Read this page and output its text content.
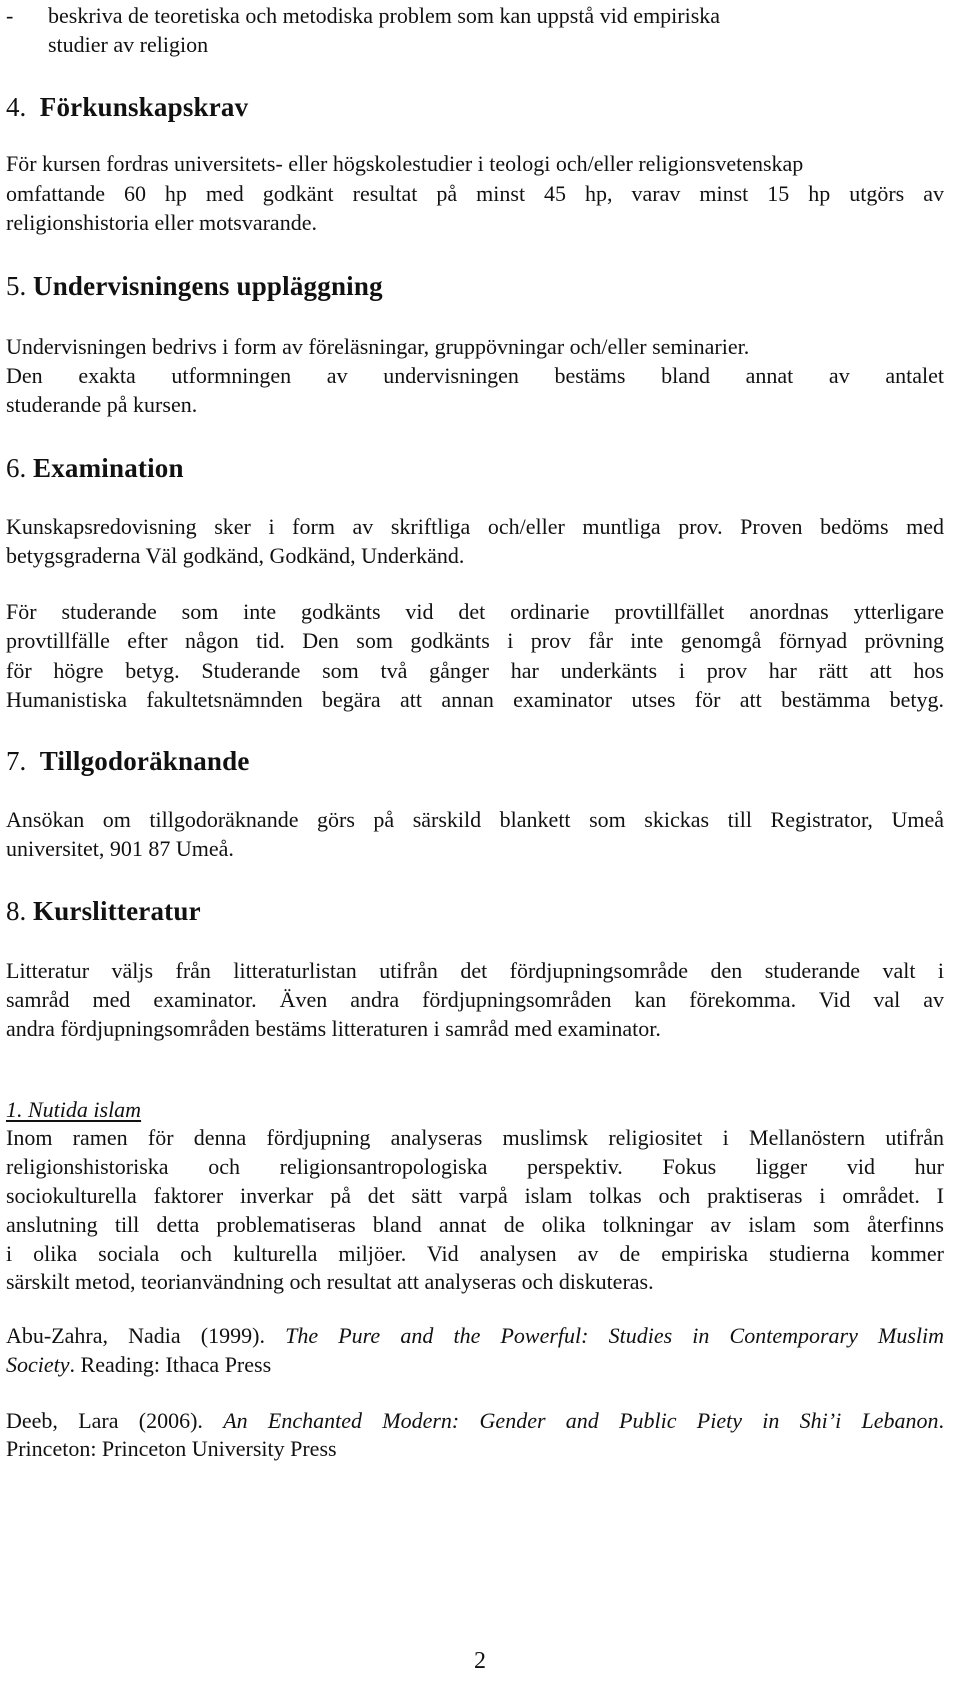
- beskriva de teoretiska och metodiska problem som kan uppstå vid empiriska

studier av religion

4. Förkunskapskrav

För kursen fordras universitets- eller högskolestudier i teologi och/eller religionsvetenskap

omfattande 60 hp med godkänt resultat på minst 45 hp, varav minst 15 hp utgörs av

religionshistoria eller motsvarande.

5. Undervisningens uppläggning

Undervisningen bedrivs i form av föreläsningar, gruppövningar och/eller seminarier.

Den exakta utformningen av undervisningen bestäms bland annat av antalet

studerande på kursen.

6. Examination

Kunskapsredovisning sker i form av skriftliga och/eller muntliga prov. Proven bedöms med

betygsgraderna Väl godkänd, Godkänd, Underkänd.

För studerande som inte godkänts vid det ordinarie provtillfället anordnas ytterligare

provtillfälle efter någon tid. Den som godkänts i prov får inte genomgå förnyad prövning

för högre betyg. Studerande som två gånger har underkänts i prov har rätt att hos

Humanistiska fakultetsnämnden begära att annan examinator utses för att bestämma betyg.

7. Tillgodoräknande

Ansökan om tillgodoräknande görs på särskild blankett som skickas till Registrator, Umeå

universitet, 901 87 Umeå.

8. Kurslitteratur

Litteratur väljs från litteraturlistan utifrån det fördjupningsområde den studerande valt i

samråd med examinator. Även andra fördjupningsområden kan förekomma. Vid val av

andra fördjupningsområden bestäms litteraturen i samråd med examinator.

1. Nutida islam

Inom ramen för denna fördjupning analyseras muslimsk religiositet i Mellanöstern utifrån

religionshistoriska och religionsantropologiska perspektiv. Fokus ligger vid hur

sociokulturella faktorer inverkar på det sätt varpå islam tolkas och praktiseras i området. I

anslutning till detta problematiseras bland annat de olika tolkningar av islam som återfinns

i olika sociala och kulturella miljöer. Vid analysen av de empiriska studierna kommer

särskilt metod, teorianvändning och resultat att analyseras och diskuteras.

Abu-Zahra, Nadia (1999). The Pure and the Powerful: Studies in Contemporary Muslim

Society. Reading: Ithaca Press

Deeb, Lara (2006). An Enchanted Modern: Gender and Public Piety in Shi’i Lebanon.

Princeton: Princeton University Press

2
